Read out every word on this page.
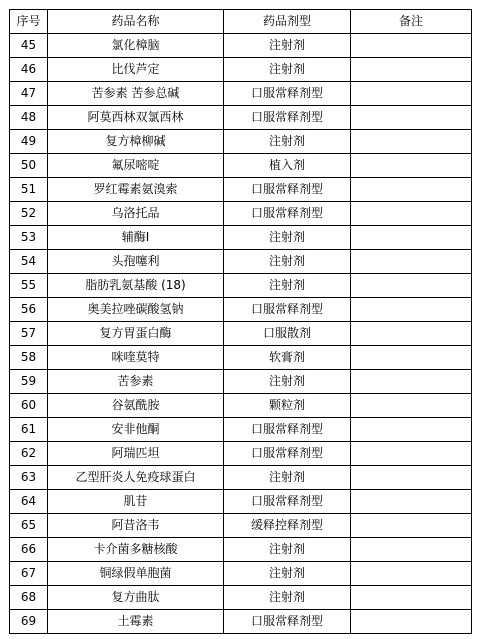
序号	药品名称	药品剂型	备注
45	氯化樟脑	注射剂	
46	比伐芦定	注射剂	
47	苦参素 苦参总碱	口服常释剂型	
48	阿莫西林双氯西林	口服常释剂型	
49	复方樟柳碱	注射剂	
50	氟尿嘧啶	植入剂	
51	罗红霉素氨溴索	口服常释剂型	
52	乌洛托品	口服常释剂型	
53	辅酶Ⅰ	注射剂	
54	头孢噻利	注射剂	
55	脂肪乳氨基酸 (18)	注射剂	
56	奥美拉唑碳酸氢钠	口服常释剂型	
57	复方胃蛋白酶	口服散剂	
58	咪喹莫特	软膏剂	
59	苦参素	注射剂	
60	谷氨酰胺	颗粒剂	
61	安非他酮	口服常释剂型	
62	阿瑞匹坦	口服常释剂型	
63	乙型肝炎人免疫球蛋白	注射剂	
64	肌苷	口服常释剂型	
65	阿昔洛韦	缓释控释剂型	
66	卡介菌多糖核酸	注射剂	
67	铜绿假单胞菌	注射剂	
68	复方曲肽	注射剂	
69	土霉素	口服常释剂型	
